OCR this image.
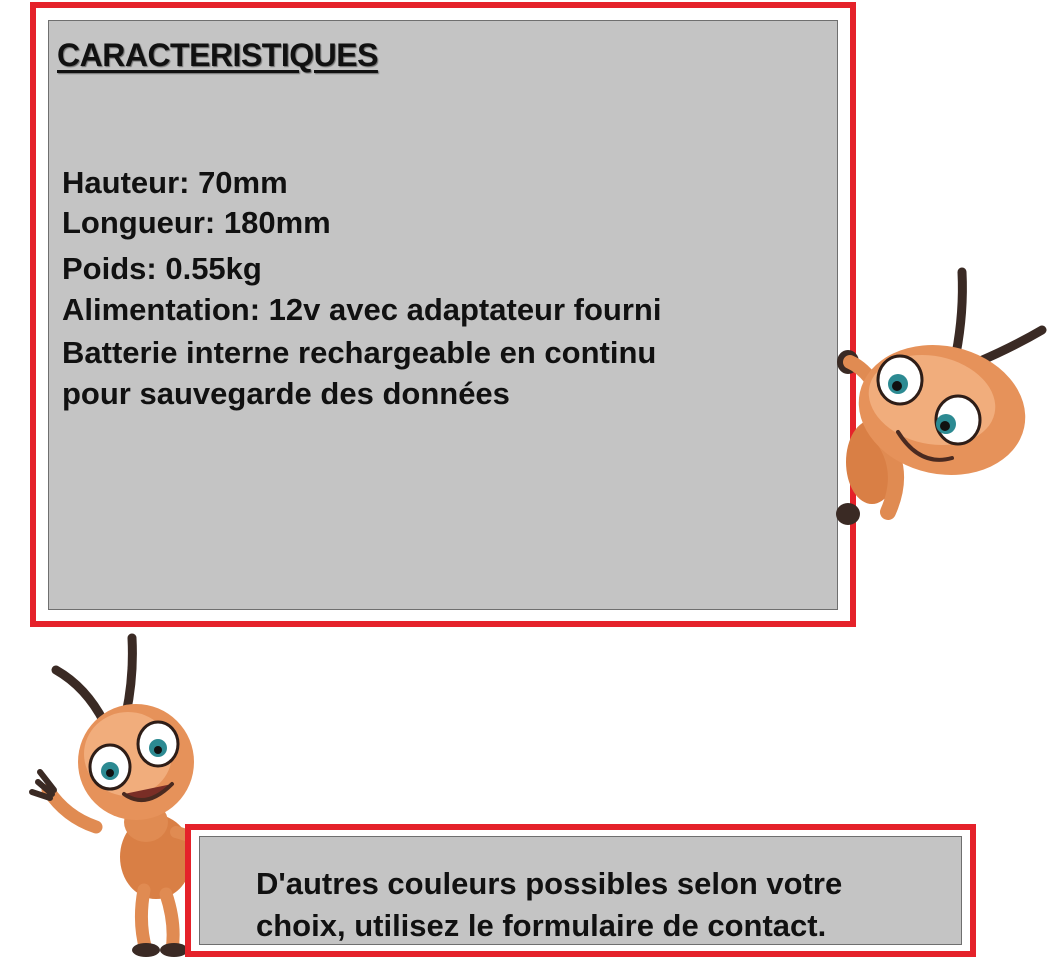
CARACTERISTIQUES
Hauteur: 70mm
Longueur: 180mm
Poids: 0.55kg
Alimentation: 12v avec adaptateur fourni
Batterie interne rechargeable en continu
pour sauvegarde des données
D'autres couleurs possibles selon votre
choix, utilisez le formulaire de contact.
